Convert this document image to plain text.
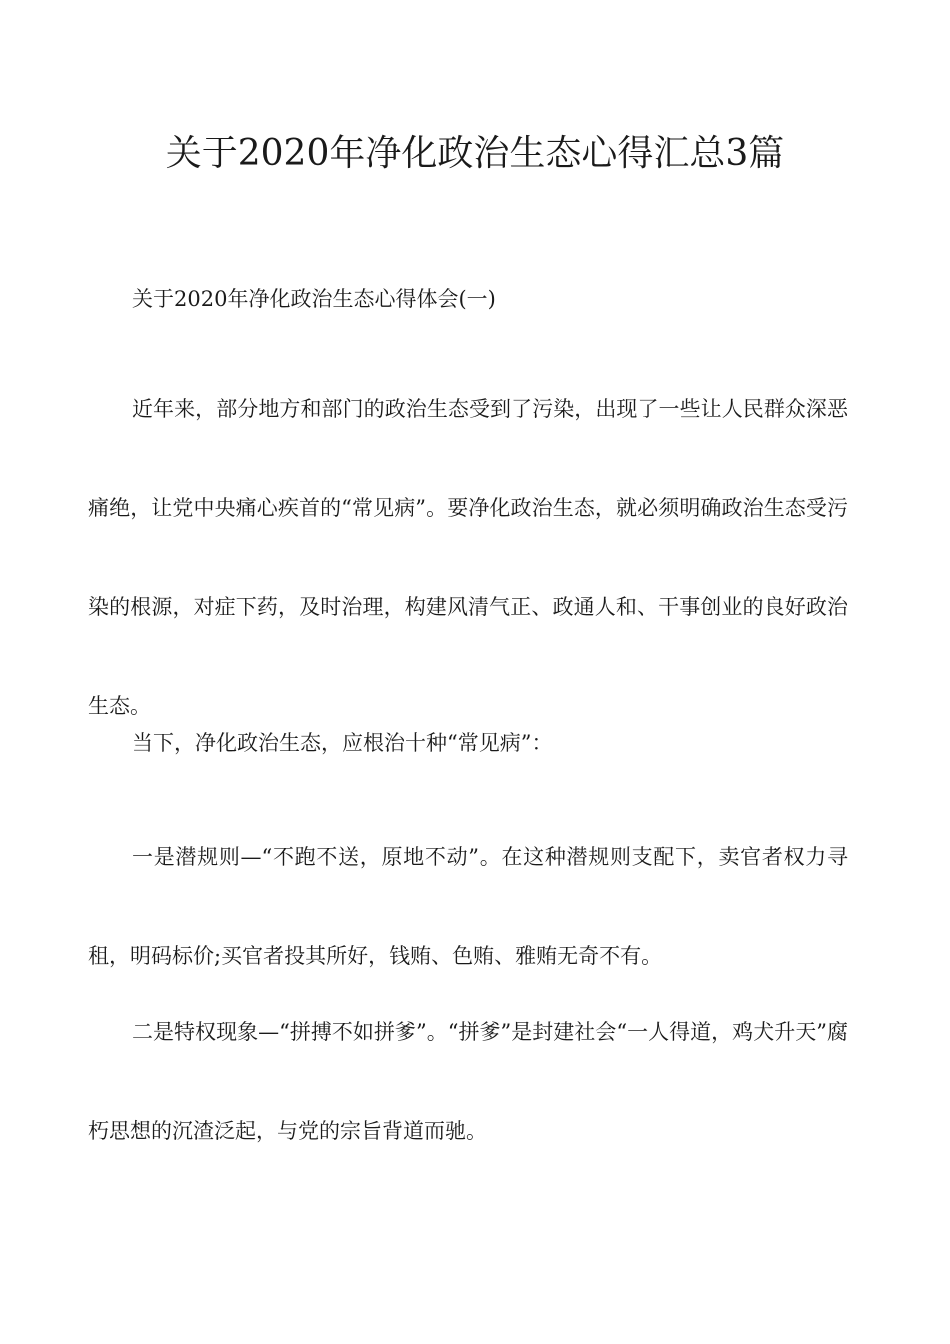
关于2020年净化政治生态心得汇总3篇

关于2020年净化政治生态心得体会(一)

近年来，部分地方和部门的政治生态受到了污染，出现了一些让人民群众深恶痛绝，让党中央痛心疾首的“常见病”。要净化政治生态，就必须明确政治生态受污染的根源，对症下药，及时治理，构建风清气正、政通人和、干事创业的良好政治生态。

当下，净化政治生态，应根治十种“常见病”：

一是潜规则—“不跑不送，原地不动”。在这种潜规则支配下，卖官者权力寻租，明码标价;买官者投其所好，钱贿、色贿、雅贿无奇不有。

二是特权现象—“拼搏不如拼爹”。“拼爹”是封建社会“一人得道，鸡犬升天”腐朽思想的沉渣泛起，与党的宗旨背道而驰。
